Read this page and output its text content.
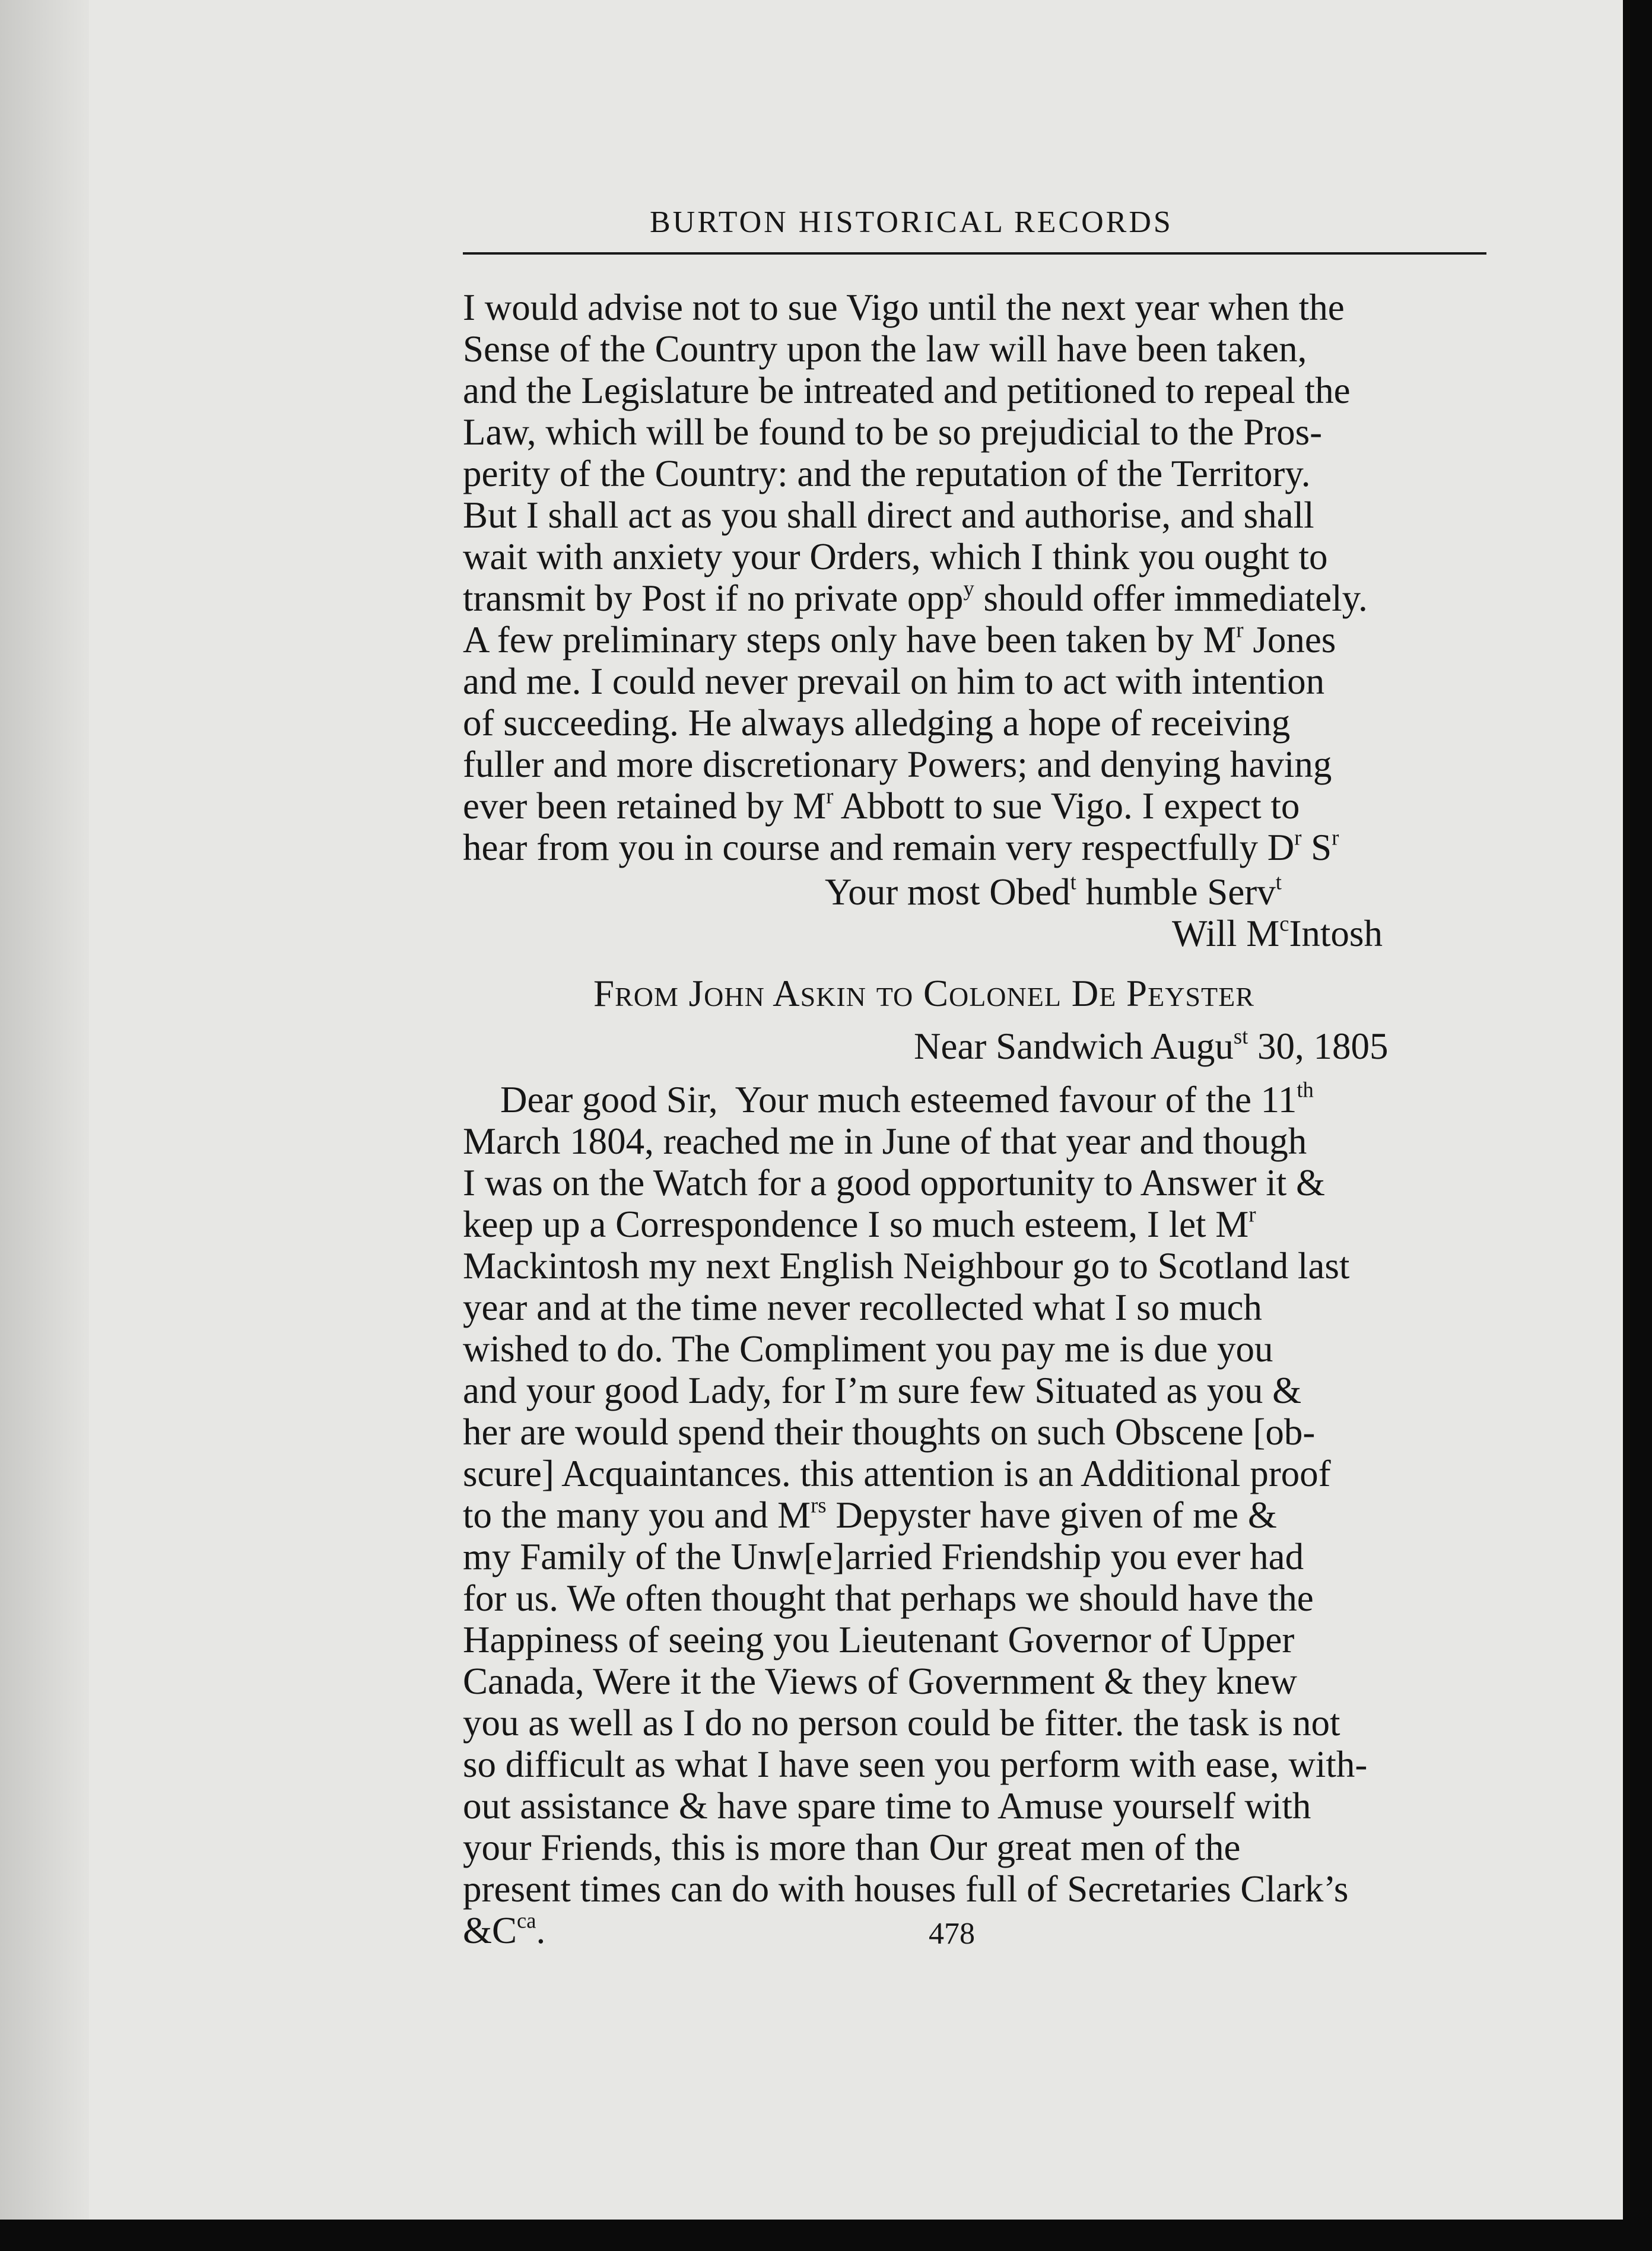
BURTON HISTORICAL RECORDS
I would advise not to sue Vigo until the next year when the
Sense of the Country upon the law will have been taken,
and the Legislature be intreated and petitioned to repeal the
Law, which will be found to be so prejudicial to the Pros-
perity of the Country: and the reputation of the Territory.
But I shall act as you shall direct and authorise, and shall
wait with anxiety your Orders, which I think you ought to
transmit by Post if no private opp$^y$ should offer immediately.
A few preliminary steps only have been taken by $M^r$ Jones
and me. I could never prevail on him to act with intention
of succeeding. He always alledging a hope of receiving
fuller and more discretionary Powers; and denying having
ever been retained by $M^r$ Abbott to sue Vigo. I expect to
hear from you in course and remain very respectfully $D^r$ $S^r$
Your most Obed$^t$ humble Serv$^t$
Will $M^cIntosh$
FROM JOHN ASKIN TO COLONEL DE PEYSTER
Near Sandwich Augu$^{st}$ 30, 1805
Dear good Sir,  Your much esteemed favour of the 11th
March 1804, reached me in June of that year and though
I was on the Watch for a good opportunity to Answer it &
keep up a Correspondence I so much esteem, I let $M^r$
Mackintosh my next English Neighbour go to Scotland last
year and at the time never recollected what I so much
wished to do. The Compliment you pay me is due you
and your good Lady, for I’m sure few Situated as you &
her are would spend their thoughts on such Obscene [ob-
scure] Acquaintances. this attention is an Additional proof
to the many you and $M^{rs}$ Depyster have given of me &
my Family of the Unw[e]arried Friendship you ever had
for us. We often thought that perhaps we should have the
Happiness of seeing you Lieutenant Governor of Upper
Canada, Were it the Views of Government & they knew
you as well as I do no person could be fitter. the task is not
so difficult as what I have seen you perform with ease, with-
out assistance & have spare time to Amuse yourself with
your Friends, this is more than Our great men of the
present times can do with houses full of Secretaries Clark’s
$\&C^{ca}$.	478
